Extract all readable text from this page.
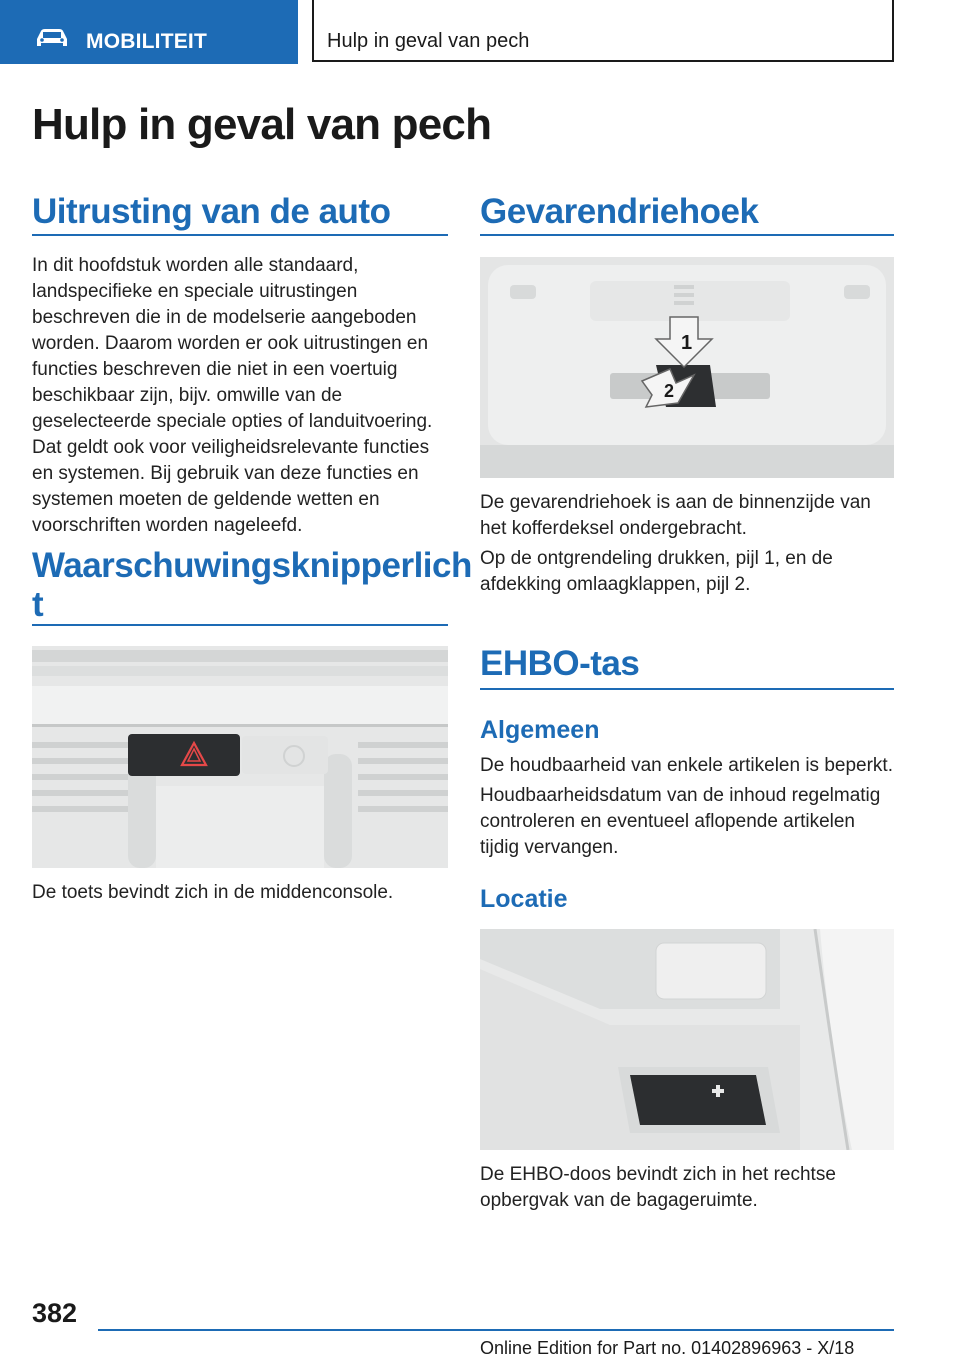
MOBILITEIT	Hulp in geval van pech
Hulp in geval van pech
Uitrusting van de auto
In dit hoofdstuk worden alle standaard, landspecifieke en speciale uitrustingen beschreven die in de modelserie aangeboden worden. Daarom worden er ook uitrustingen en functies beschreven die niet in een voertuig beschikbaar zijn, bijv. omwille van de geselecteerde speciale opties of landuitvoering. Dat geldt ook voor veiligheidsrelevante functies en systemen. Bij gebruik van deze functies en systemen moeten de geldende wetten en voorschriften worden nageleefd.
Waarschuwingsknipperlich
t
De toets bevindt zich in de middenconsole.
Gevarendriehoek
1
2
De gevarendriehoek is aan de binnenzijde van het kofferdeksel ondergebracht.
Op de ontgrendeling drukken, pijl 1, en de afdekking omlaagklappen, pijl 2.
EHBO-tas
Algemeen
De houdbaarheid van enkele artikelen is beperkt.
Houdbaarheidsdatum van de inhoud regelmatig controleren en eventueel aflopende artikelen tijdig vervangen.
Locatie
De EHBO-doos bevindt zich in het rechtse opbergvak van de bagageruimte.
382
Online Edition for Part no. 01402896963 - X/18
